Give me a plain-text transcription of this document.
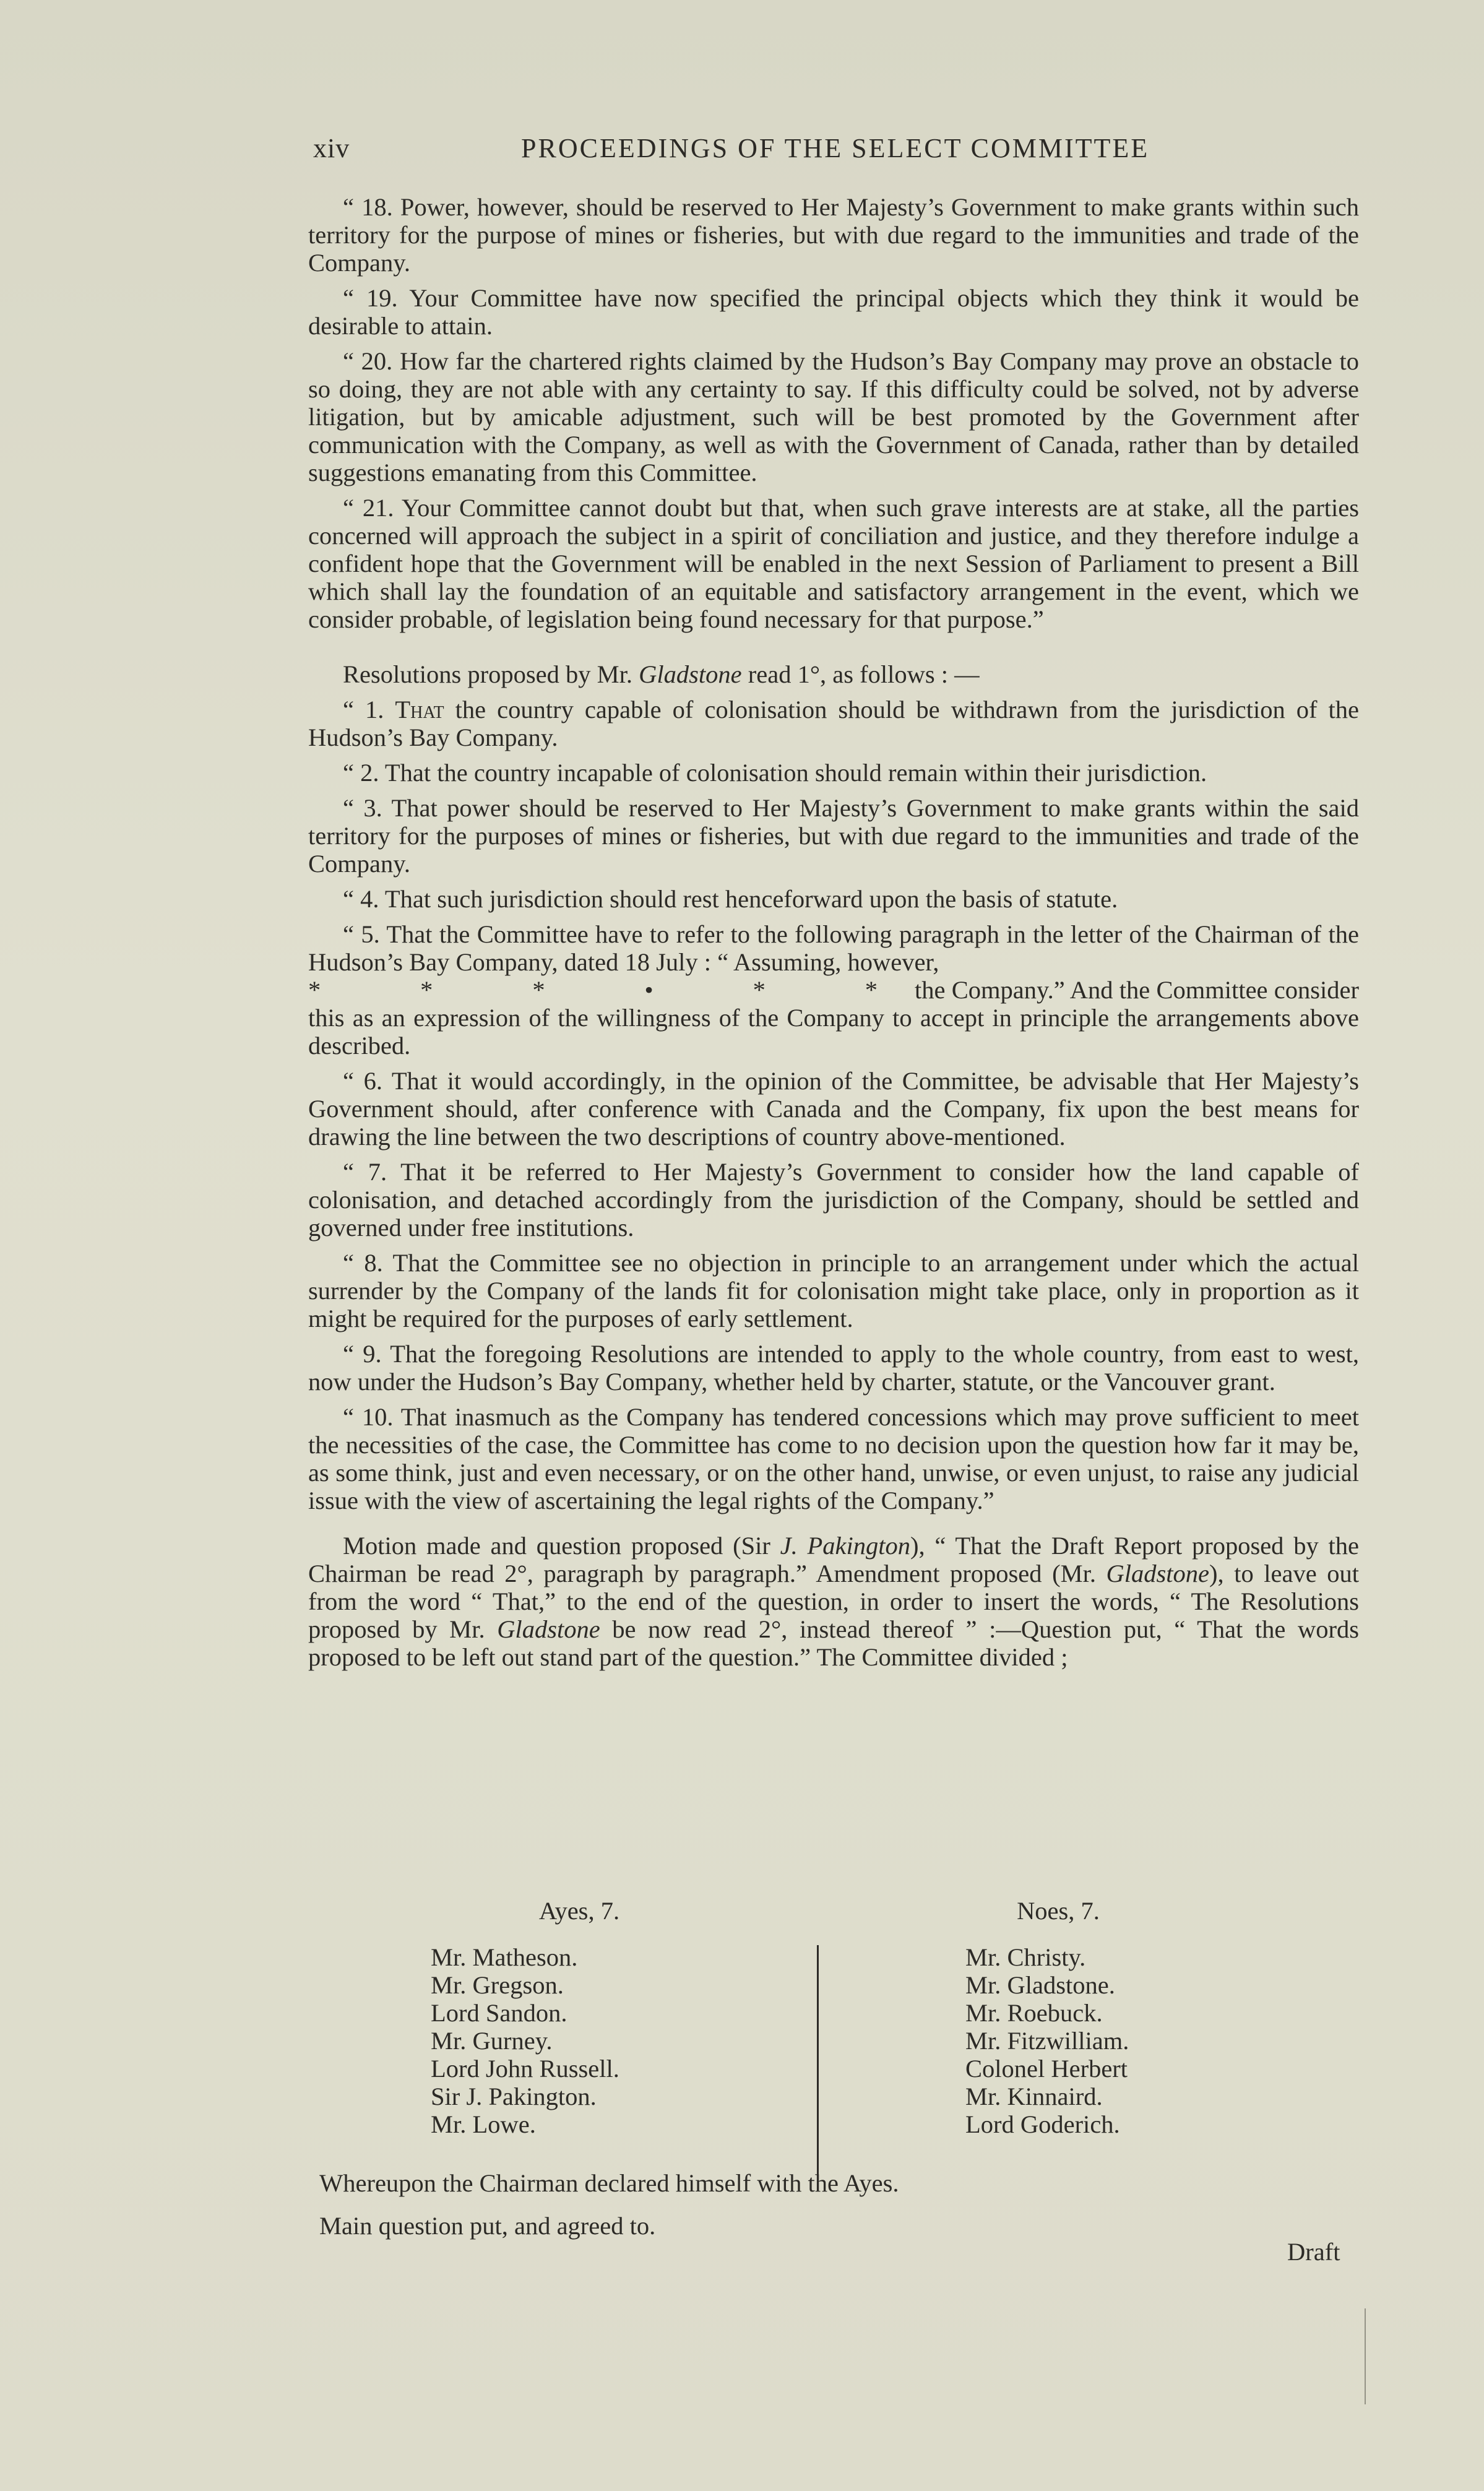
xiv	PROCEEDINGS OF THE SELECT COMMITTEE

“ 18. Power, however, should be reserved to Her Majesty’s Government to make grants within such territory for the purpose of mines or fisheries, but with due regard to the immunities and trade of the Company.

“ 19. Your Committee have now specified the principal objects which they think it would be desirable to attain.

“ 20. How far the chartered rights claimed by the Hudson’s Bay Company may prove an obstacle to so doing, they are not able with any certainty to say. If this difficulty could be solved, not by adverse litigation, but by amicable adjustment, such will be best promoted by the Government after communication with the Company, as well as with the Government of Canada, rather than by detailed suggestions emanating from this Committee.

“ 21. Your Committee cannot doubt but that, when such grave interests are at stake, all the parties concerned will approach the subject in a spirit of conciliation and justice, and they therefore indulge a confident hope that the Government will be enabled in the next Session of Parliament to present a Bill which shall lay the foundation of an equitable and satisfactory arrangement in the event, which we consider probable, of legislation being found necessary for that purpose.”

Resolutions proposed by Mr. Gladstone read 1°, as follows : —

“ 1. That the country capable of colonisation should be withdrawn from the jurisdiction of the Hudson’s Bay Company.

“ 2. That the country incapable of colonisation should remain within their jurisdiction.

“ 3. That power should be reserved to Her Majesty’s Government to make grants within the said territory for the purposes of mines or fisheries, but with due regard to the immunities and trade of the Company.

“ 4. That such jurisdiction should rest henceforward upon the basis of statute.

“ 5. That the Committee have to refer to the following paragraph in the letter of the Chairman of the Hudson’s Bay Company, dated 18 July : “ Assuming, however,

*	*	*	•	*	*	the Company.” And the Committee consider this as an expression of the willingness of the Company to accept in principle the arrangements above described.

“ 6. That it would accordingly, in the opinion of the Committee, be advisable that Her Majesty’s Government should, after conference with Canada and the Company, fix upon the best means for drawing the line between the two descriptions of country above-mentioned.

“ 7. That it be referred to Her Majesty’s Government to consider how the land capable of colonisation, and detached accordingly from the jurisdiction of the Company, should be settled and governed under free institutions.

“ 8. That the Committee see no objection in principle to an arrangement under which the actual surrender by the Company of the lands fit for colonisation might take place, only in proportion as it might be required for the purposes of early settlement.

“ 9. That the foregoing Resolutions are intended to apply to the whole country, from east to west, now under the Hudson’s Bay Company, whether held by charter, statute, or the Vancouver grant.

“ 10. That inasmuch as the Company has tendered concessions which may prove sufficient to meet the necessities of the case, the Committee has come to no decision upon the question how far it may be, as some think, just and even necessary, or on the other hand, unwise, or even unjust, to raise any judicial issue with the view of ascertaining the legal rights of the Company.”

Motion made and question proposed (Sir J. Pakington), “ That the Draft Report proposed by the Chairman be read 2°, paragraph by paragraph.” Amendment proposed (Mr. Gladstone), to leave out from the word “ That,” to the end of the question, in order to insert the words, “ The Resolutions proposed by Mr. Gladstone be now read 2°, instead thereof ” :—Question put, “ That the words proposed to be left out stand part of the question.” The Committee divided ;

Ayes, 7.
Mr. Matheson.
Mr. Gregson.
Lord Sandon.
Mr. Gurney.
Lord John Russell.
Sir J. Pakington.
Mr. Lowe.
Noes, 7.
Mr. Christy.
Mr. Gladstone.
Mr. Roebuck.
Mr. Fitzwilliam.
Colonel Herbert
Mr. Kinnaird.
Lord Goderich.

Whereupon the Chairman declared himself with the Ayes.

Main question put, and agreed to.

Draft
